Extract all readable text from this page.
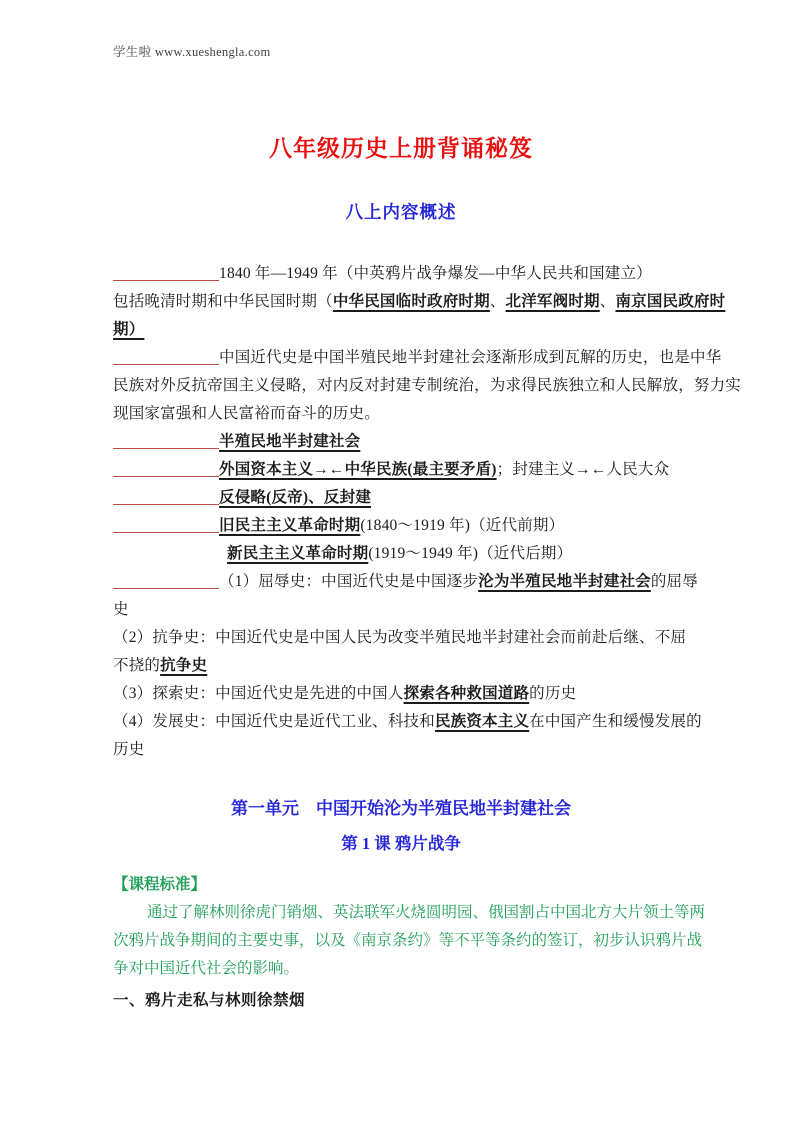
学生啦 www.xueshengla.com
八年级历史上册背诵秘笈
八上内容概述
1840 年—1949 年（中英鸦片战争爆发—中华人民共和国建立）
包括晚清时期和中华民国时期（中华民国临时政府时期、北洋军阀时期、南京国民政府时
期）
中国近代史是中国半殖民地半封建社会逐渐形成到瓦解的历史，也是中华
民族对外反抗帝国主义侵略，对内反对封建专制统治，为求得民族独立和人民解放，努力实
现国家富强和人民富裕而奋斗的历史。
半殖民地半封建社会
外国资本主义→←中华民族(最主要矛盾)；封建主义→←人民大众
反侵略(反帝)、反封建
旧民主主义革命时期(1840～1919 年)（近代前期）
新民主主义革命时期(1919～1949 年)（近代后期）
（1）屈辱史：中国近代史是中国逐步沦为半殖民地半封建社会的屈辱
史
（2）抗争史：中国近代史是中国人民为改变半殖民地半封建社会而前赴后继、不屈
不挠的抗争史
（3）探索史：中国近代史是先进的中国人探索各种救国道路的历史
（4）发展史：中国近代史是近代工业、科技和民族资本主义在中国产生和缓慢发展的
历史
第一单元　中国开始沦为半殖民地半封建社会
第 1 课 鸦片战争
【课程标准】
通过了解林则徐虎门销烟、英法联军火烧圆明园、俄国割占中国北方大片领土等两
次鸦片战争期间的主要史事，以及《南京条约》等不平等条约的签订，初步认识鸦片战
争对中国近代社会的影响。
一、鸦片走私与林则徐禁烟
